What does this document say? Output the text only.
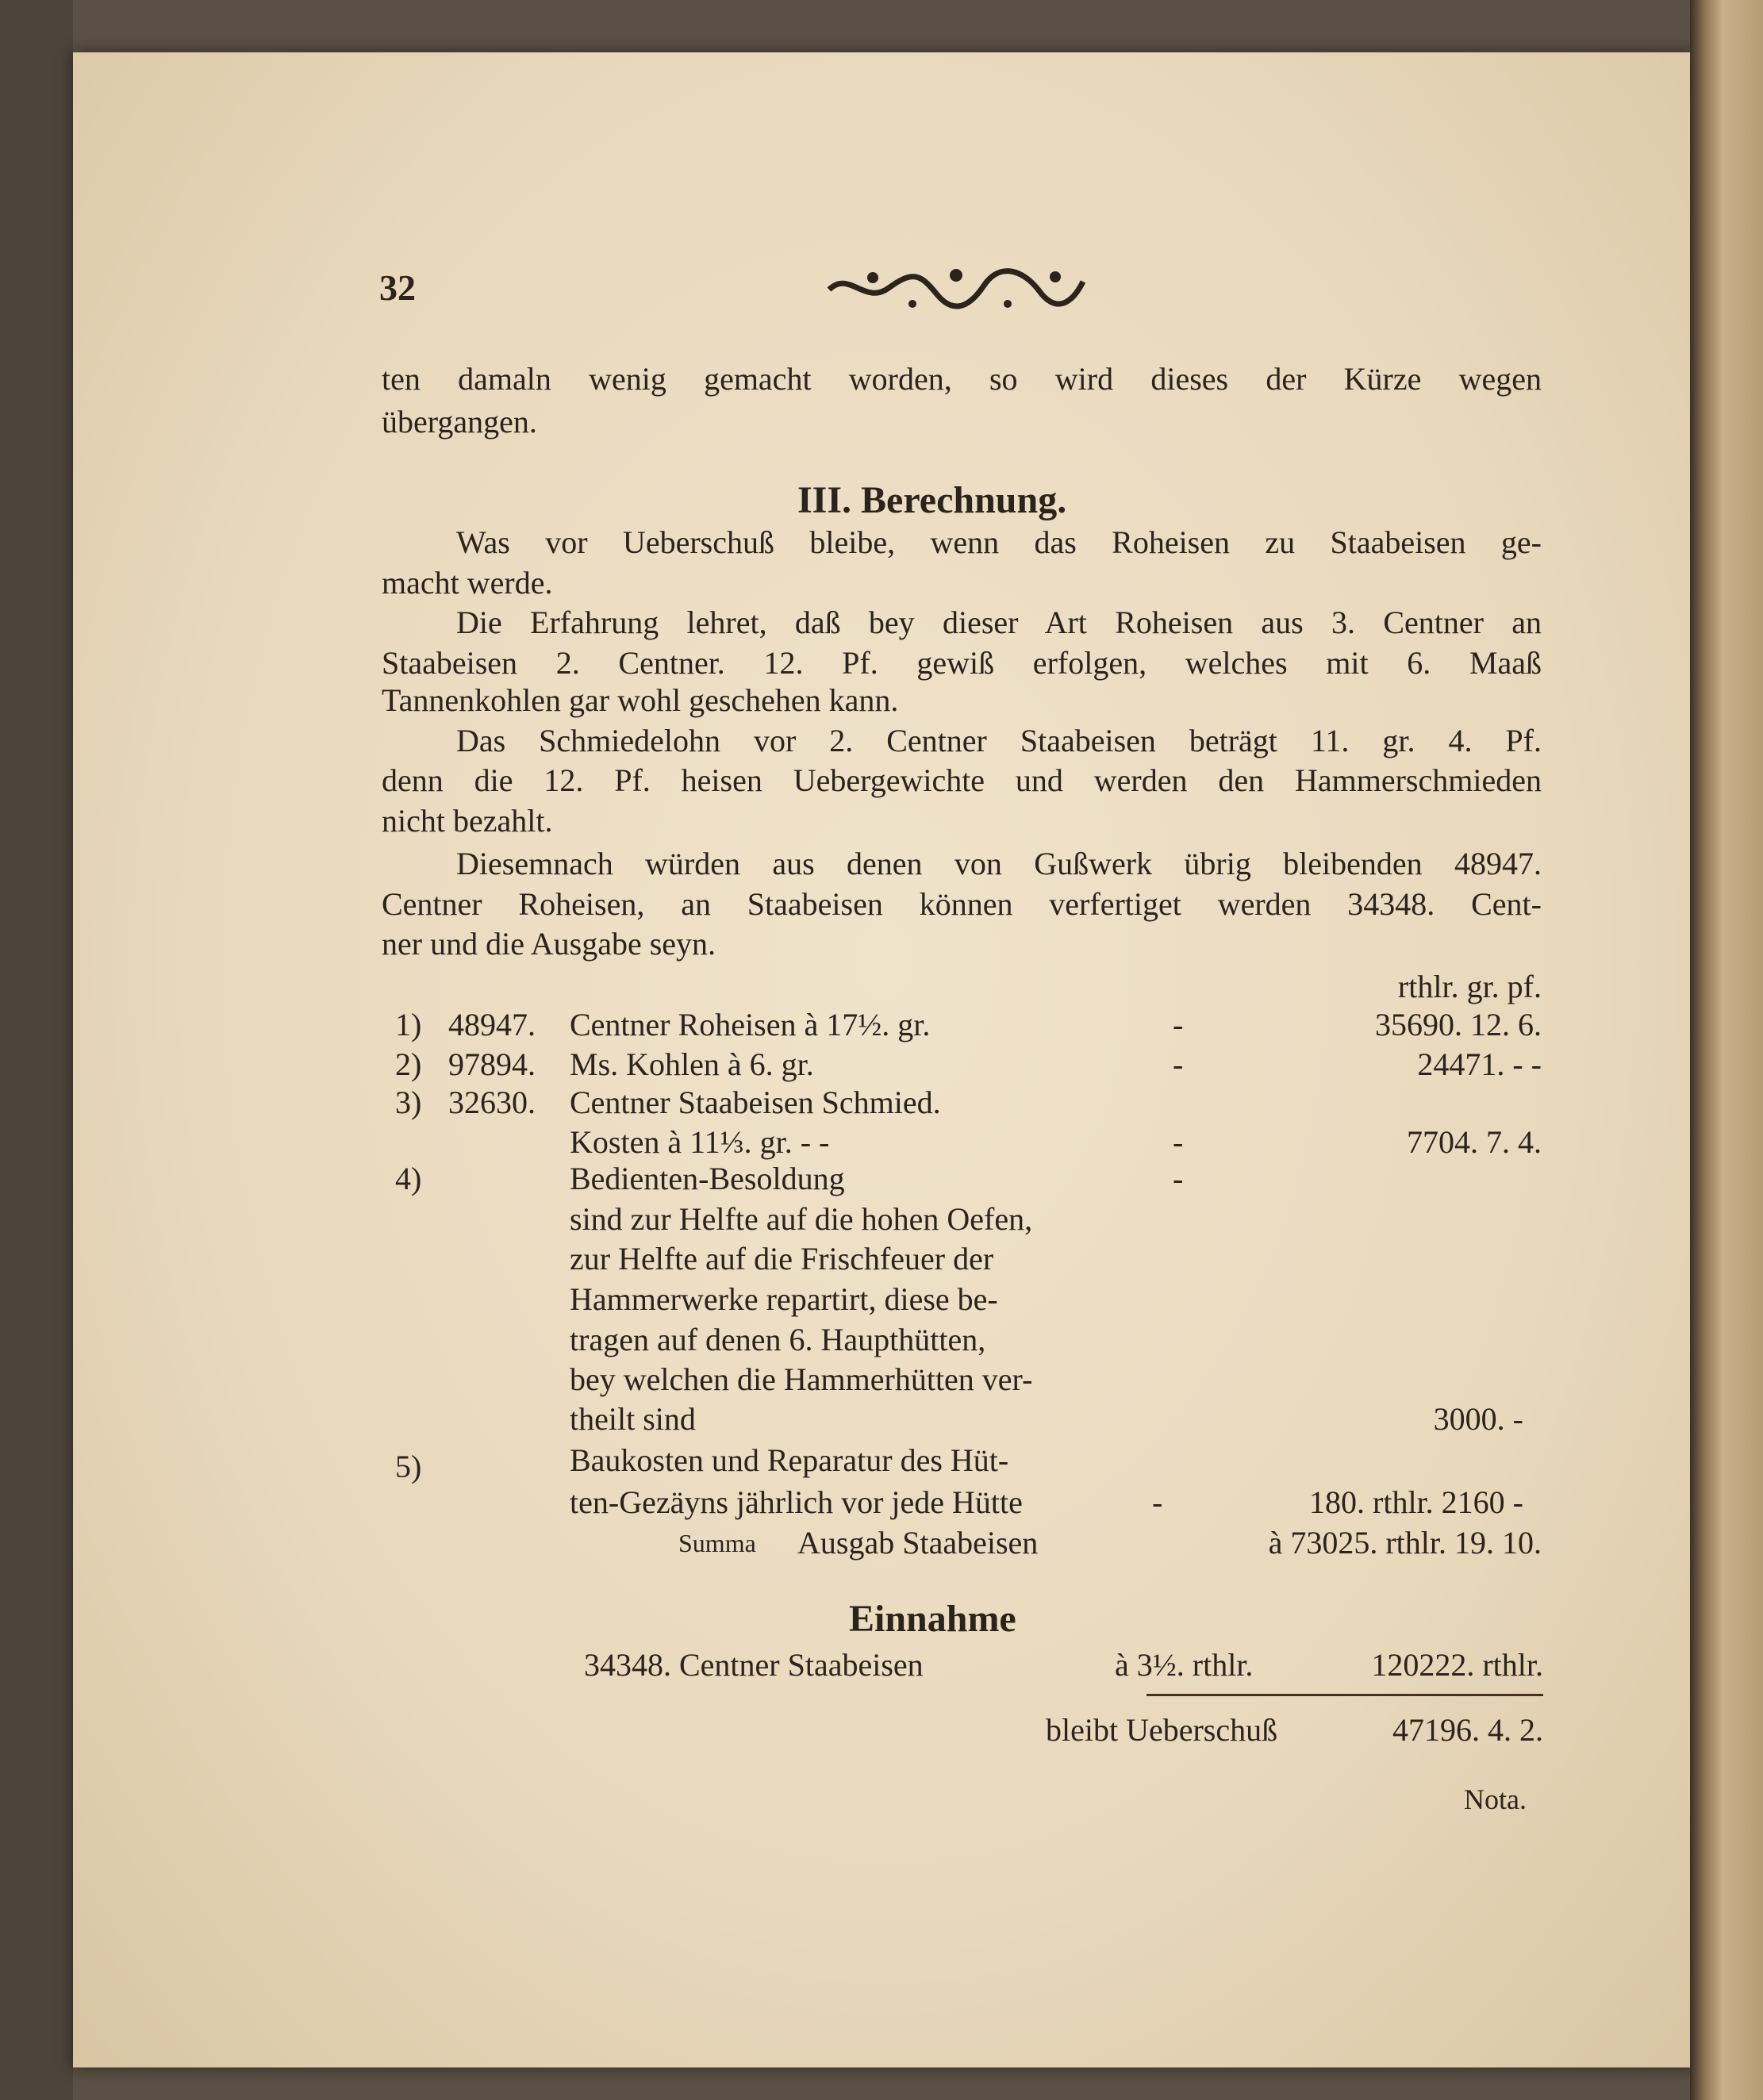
32
ten damaln wenig gemacht worden, so wird dieses der Kürze wegen
übergangen.
III. Berechnung.
Was vor Ueberschuß bleibe, wenn das Roheisen zu Staabeisen ge-
macht werde.
Die Erfahrung lehret, daß bey dieser Art Roheisen aus 3. Centner an
Staabeisen 2. Centner. 12. Pf. gewiß erfolgen, welches mit 6. Maaß
Tannenkohlen gar wohl geschehen kann.
Das Schmiedelohn vor 2. Centner Staabeisen beträgt 11. gr. 4. Pf.
denn die 12. Pf. heisen Uebergewichte und werden den Hammerschmieden
nicht bezahlt.
Diesemnach würden aus denen von Gußwerk übrig bleibenden 48947.
Centner Roheisen, an Staabeisen können verfertiget werden 34348. Cent-
ner und die Ausgabe seyn.
rthlr. gr. pf.
1) 48947. Centner Roheisen à 17½. gr.	-	35690. 12. 6.
2) 97894. Ms. Kohlen à 6. gr.	-	24471. - -
3) 32630. Centner Staabeisen Schmied.
Kosten à 11⅓. gr. - -	-	7704. 7. 4.
4)	Bedienten-Besoldung	-
sind zur Helfte auf die hohen Oefen,
zur Helfte auf die Frischfeuer der
Hammerwerke repartirt, diese be-
tragen auf denen 6. Haupthütten,
bey welchen die Hammerhütten ver-
theilt sind	3000. -
5)	Baukosten und Reparatur des Hüt-
ten-Gezäyns jährlich vor jede Hütte	-	180. rthlr. 2160 -
Summa Ausgab Staabeisen	à 73025. rthlr. 19. 10.
Einnahme
34348. Centner Staabeisen	à 3½. rthlr.	120222. rthlr.
bleibt Ueberschuß	47196. 4. 2.
Nota.
